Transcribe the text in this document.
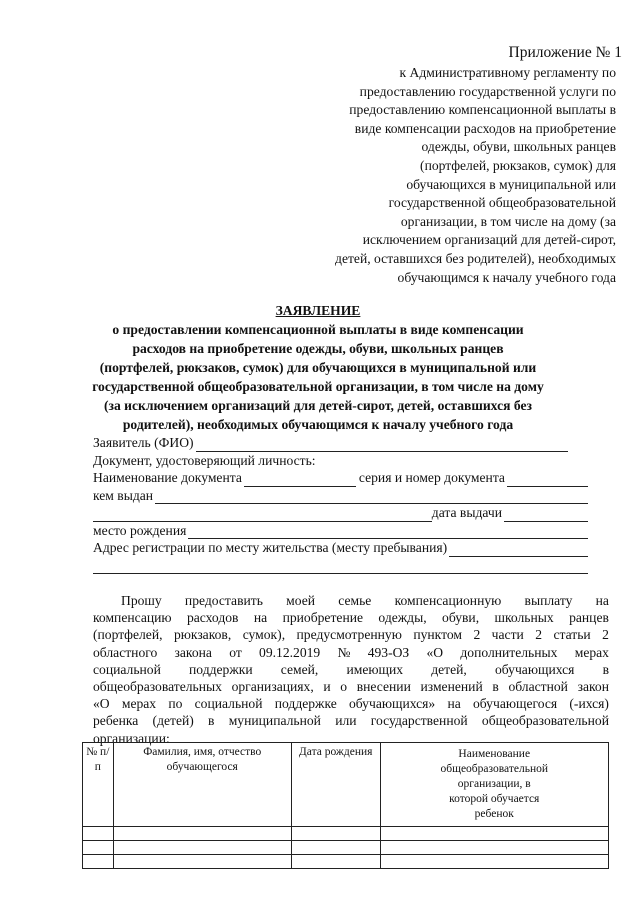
Приложение № 1
к Административному регламенту по
предоставлению государственной услуги по
предоставлению компенсационной выплаты в
виде компенсации расходов на приобретение
одежды, обуви, школьных ранцев
(портфелей, рюкзаков, сумок) для
обучающихся в муниципальной или
государственной общеобразовательной
организации, в том числе на дому (за
исключением организаций для детей-сирот,
детей, оставшихся без родителей), необходимых
обучающимся к началу учебного года
ЗАЯВЛЕНИЕ
о предоставлении компенсационной выплаты в виде компенсации
расходов на приобретение одежды, обуви, школьных ранцев
(портфелей, рюкзаков, сумок) для обучающихся в муниципальной или
государственной общеобразовательной организации, в том числе на дому
(за исключением организаций для детей-сирот, детей, оставшихся без
родителей), необходимых обучающимся к началу учебного года
Заявитель (ФИО)
Документ, удостоверяющий личность:
Наименование документа	серия и номер документа
кем выдан
дата выдачи
место рождения
Адрес регистрации по месту жительства (месту пребывания)
Прошу предоставить моей семье компенсационную выплату на
компенсацию расходов на приобретение одежды, обуви, школьных ранцев
(портфелей, рюкзаков, сумок), предусмотренную пунктом 2 части 2 статьи 2
областного закона от 09.12.2019 № 493-ОЗ «О дополнительных мерах
социальной поддержки семей, имеющих детей, обучающихся в
общеобразовательных организациях, и о внесении изменений в областной закон
«О мерах по социальной поддержке обучающихся» на обучающегося (-ихся)
ребенка (детей) в муниципальной или государственной общеобразовательной
организации:
№ п/п	Фамилия, имя, отчество обучающегося	Дата рождения	Наименование общеобразовательной организации, в которой обучается ребенок
